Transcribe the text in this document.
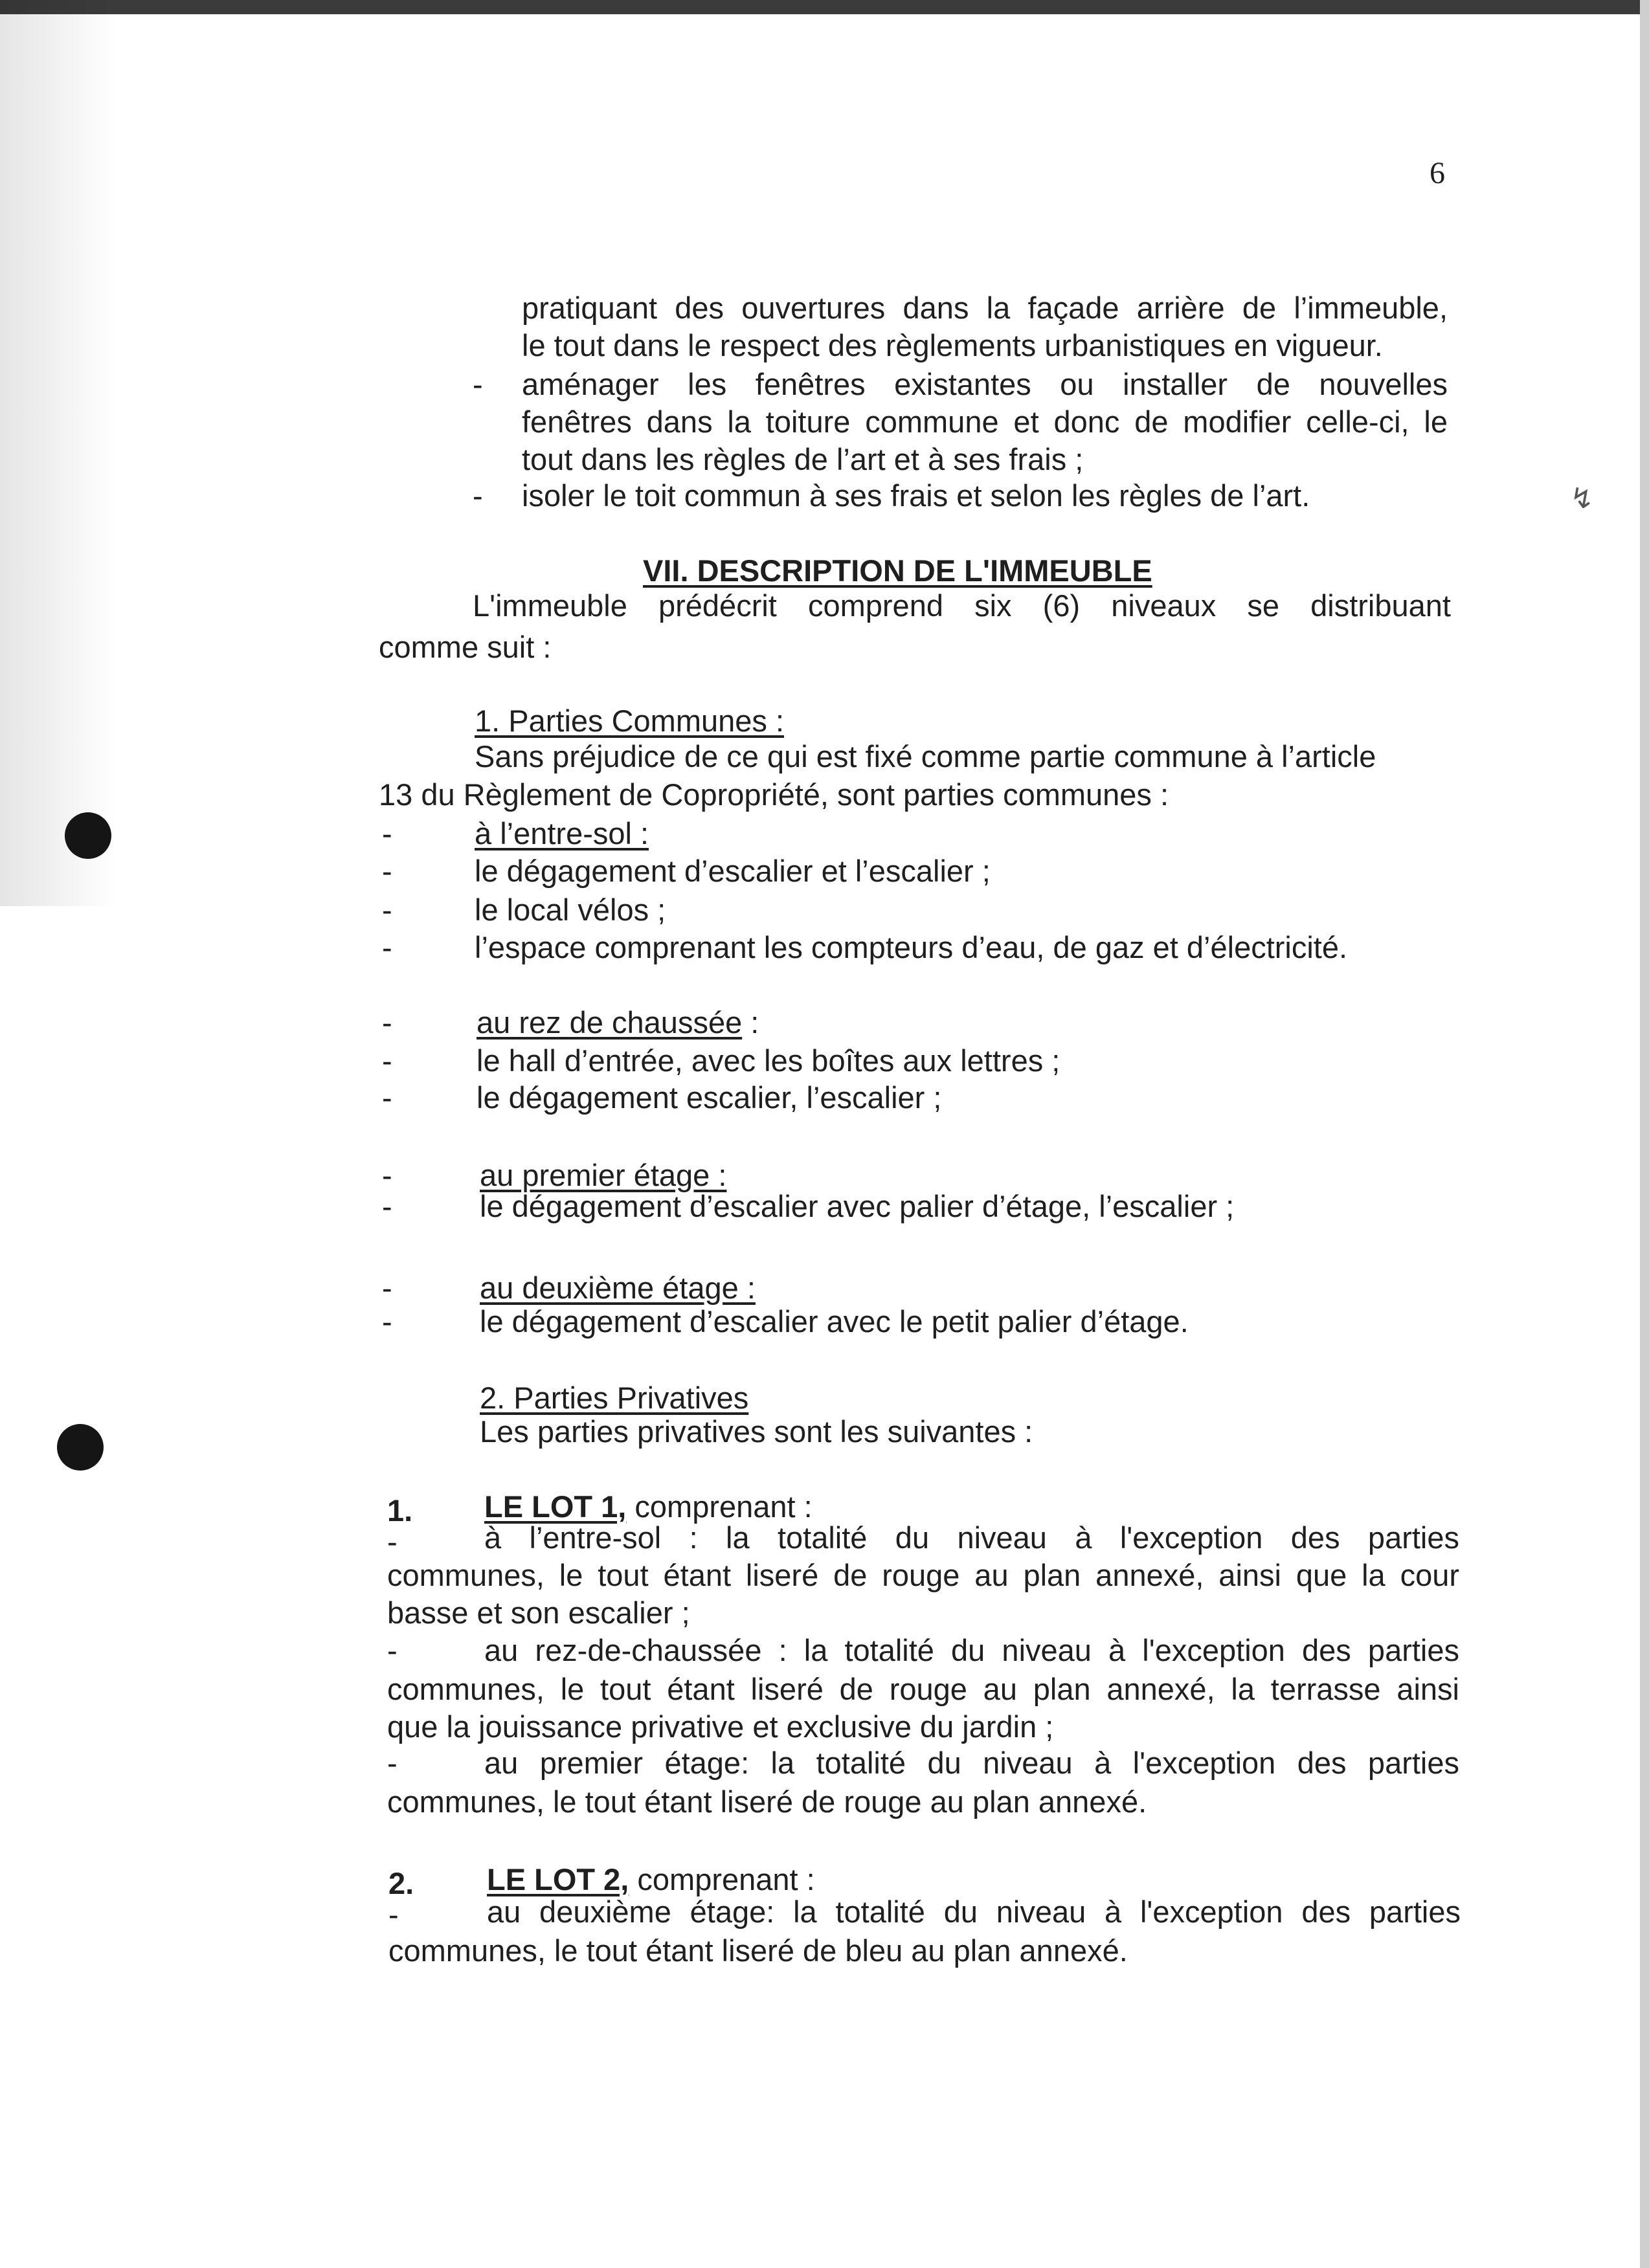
↯
6
pratiquant des ouvertures dans la façade arrière de l’immeuble,
le tout dans le respect des règlements urbanistiques en vigueur.
- aménager les fenêtres existantes ou installer de nouvelles
fenêtres dans la toiture commune et donc de modifier celle-ci, le
tout dans les règles de l’art et à ses frais ;
- isoler le toit commun à ses frais et selon les règles de l’art.
VII. DESCRIPTION DE L'IMMEUBLE
L'immeuble prédécrit comprend six (6) niveaux se distribuant
comme suit :
1. Parties Communes :
Sans préjudice de ce qui est fixé comme partie commune à l’article
13 du Règlement de Copropriété, sont parties communes :
-	à l’entre-sol :
-	le dégagement d’escalier et l’escalier ;
-	le local vélos ;
-	l’espace comprenant les compteurs d’eau, de gaz et d’électricité.
-	au rez de chaussée :
-	le hall d’entrée, avec les boîtes aux lettres ;
-	le dégagement escalier, l’escalier ;
-	au premier étage :
-	le dégagement d’escalier avec palier d’étage, l’escalier ;
-	au deuxième étage :
-	le dégagement d’escalier avec le petit palier d’étage.
2. Parties Privatives
Les parties privatives sont les suivantes :
1. LE LOT 1, comprenant :
-	à l’entre-sol : la totalité du niveau à l'exception des parties
communes, le tout étant liseré de rouge au plan annexé, ainsi que la cour
basse et son escalier ;
-	au rez-de-chaussée : la totalité du niveau à l'exception des parties
communes, le tout étant liseré de rouge au plan annexé, la terrasse ainsi
que la jouissance privative et exclusive du jardin ;
-	au premier étage: la totalité du niveau à l'exception des parties
communes, le tout étant liseré de rouge au plan annexé.
2. LE LOT 2, comprenant :
-	au deuxième étage: la totalité du niveau à l'exception des parties
communes, le tout étant liseré de bleu au plan annexé.
